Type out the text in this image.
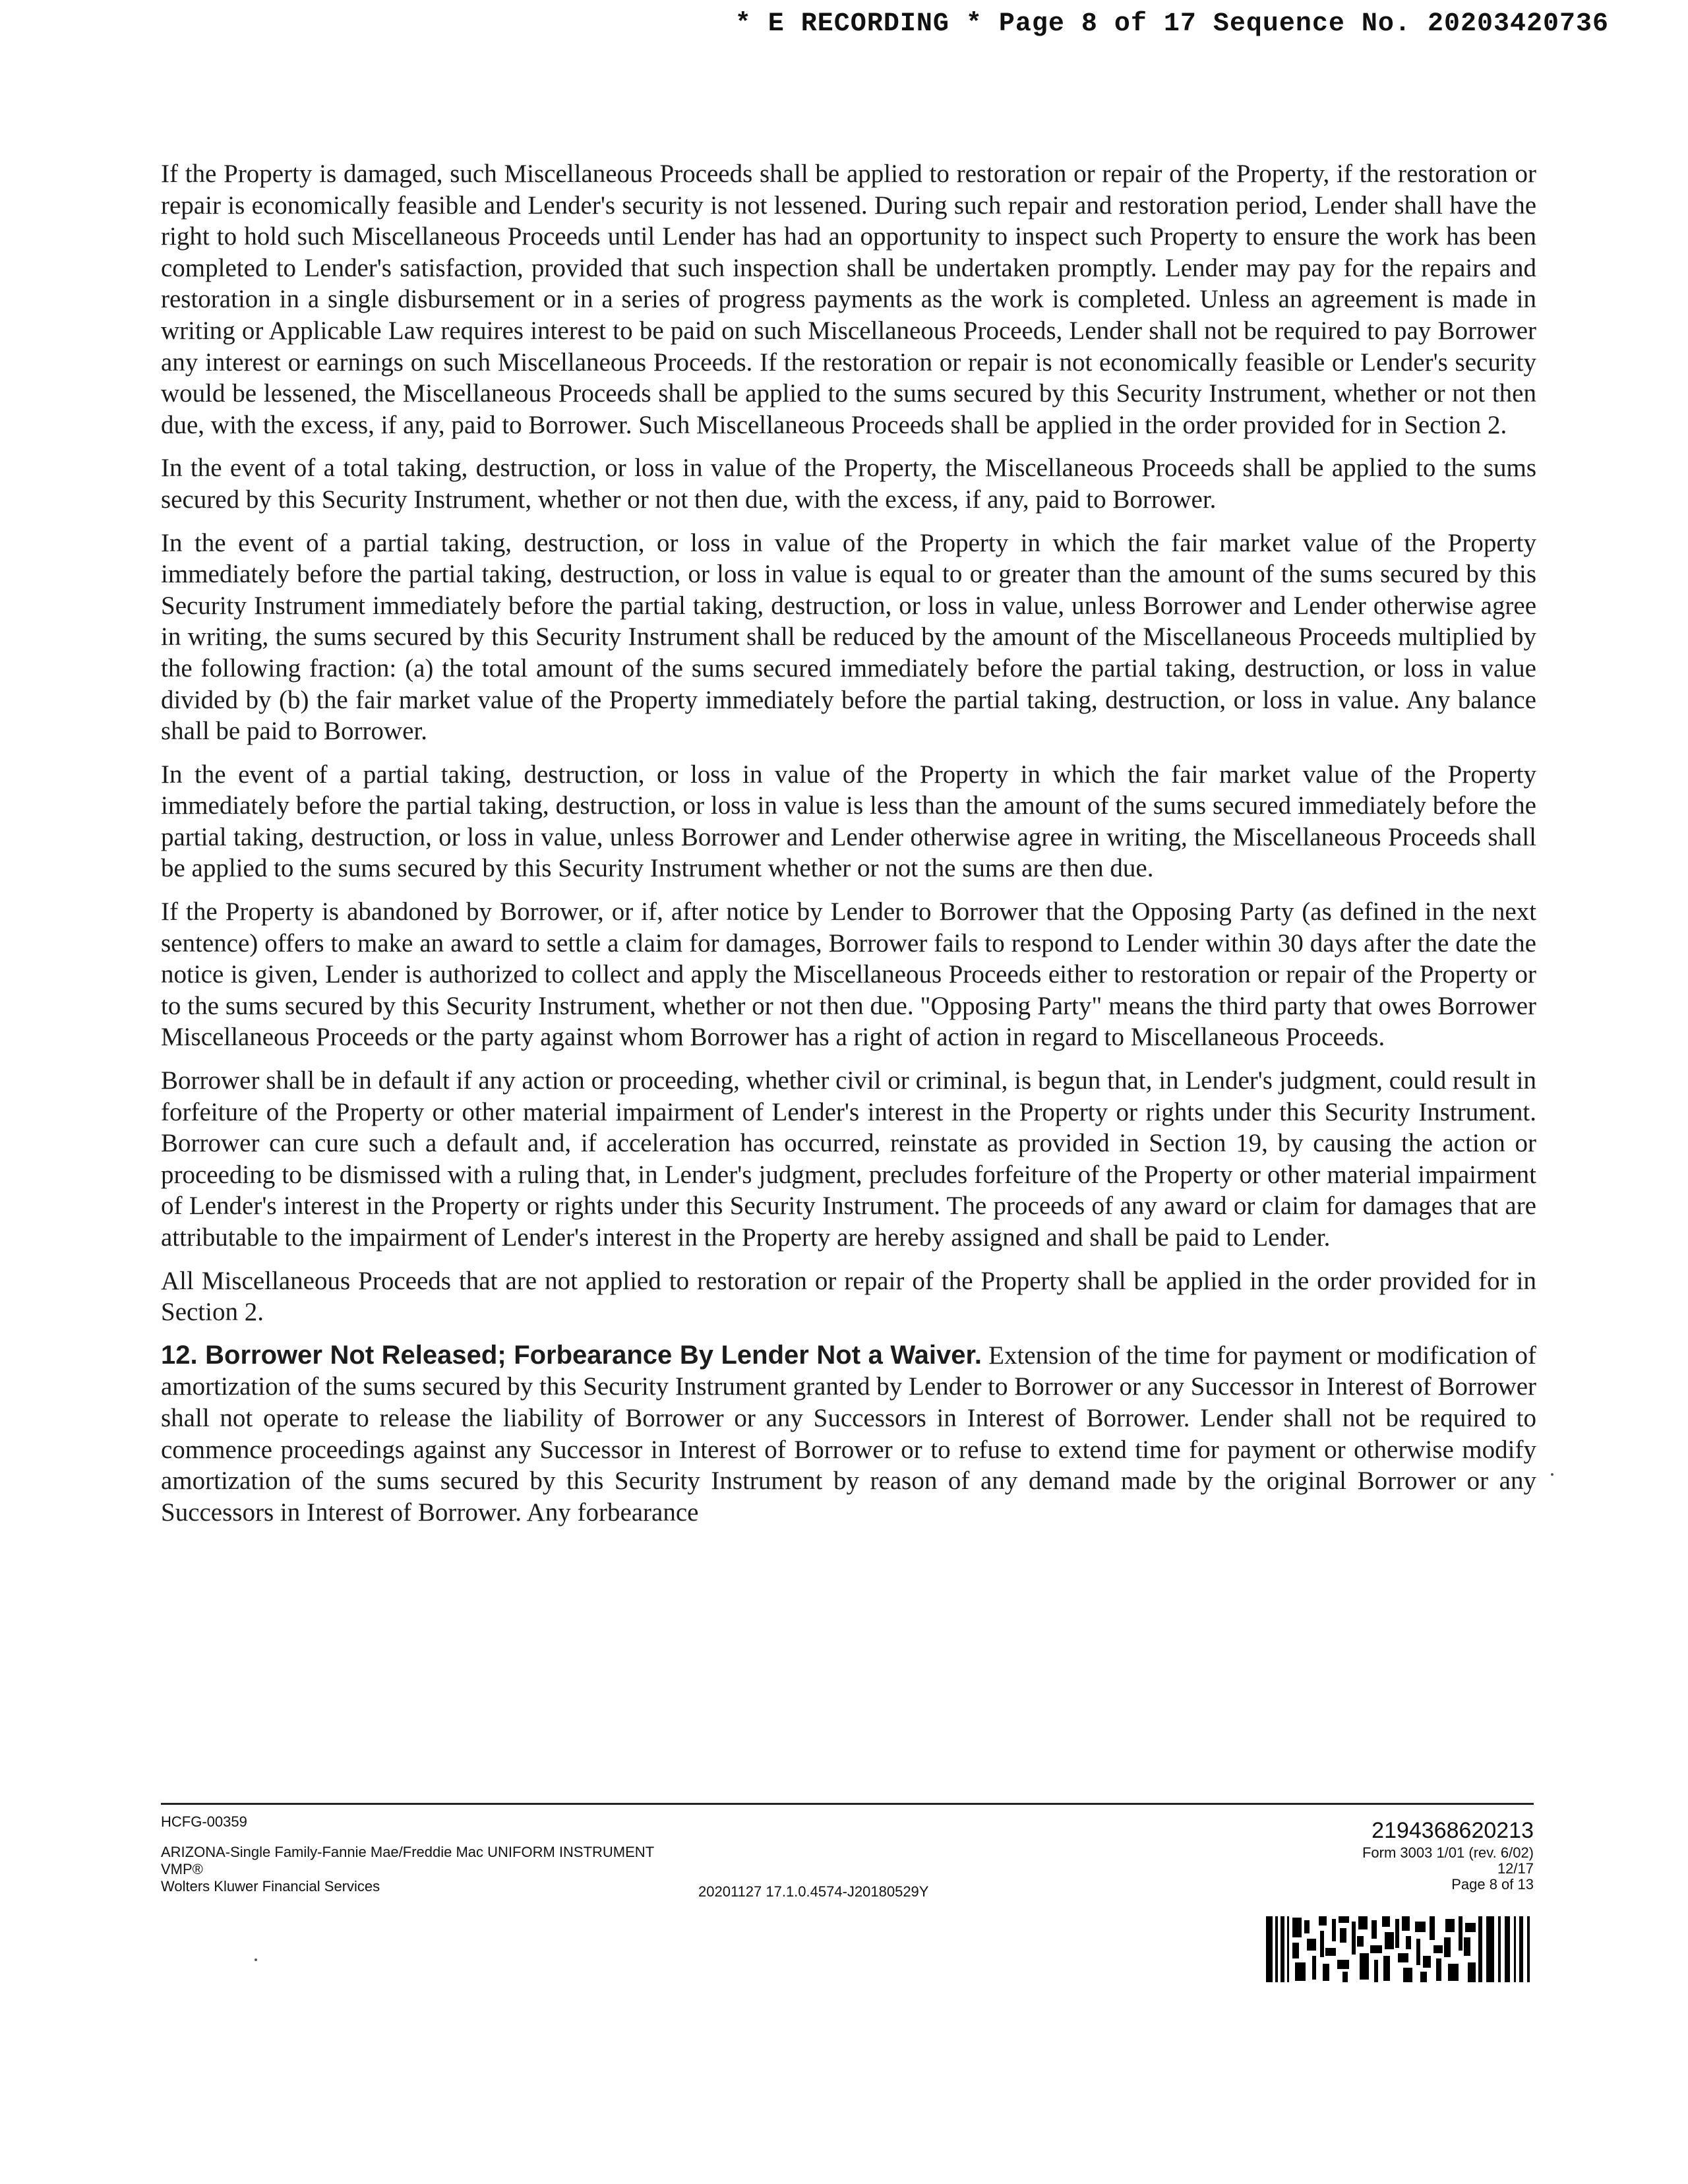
* E RECORDING * Page 8 of 17 Sequence No. 20203420736

If the Property is damaged, such Miscellaneous Proceeds shall be applied to restoration or repair of the Property, if the restoration or repair is economically feasible and Lender's security is not lessened. During such repair and restoration period, Lender shall have the right to hold such Miscellaneous Proceeds until Lender has had an opportunity to inspect such Property to ensure the work has been completed to Lender's satisfaction, provided that such inspection shall be undertaken promptly. Lender may pay for the repairs and restoration in a single disbursement or in a series of progress payments as the work is completed. Unless an agreement is made in writing or Applicable Law requires interest to be paid on such Miscellaneous Proceeds, Lender shall not be required to pay Borrower any interest or earnings on such Miscellaneous Proceeds. If the restoration or repair is not economically feasible or Lender's security would be lessened, the Miscellaneous Proceeds shall be applied to the sums secured by this Security Instrument, whether or not then due, with the excess, if any, paid to Borrower. Such Miscellaneous Proceeds shall be applied in the order provided for in Section 2.

In the event of a total taking, destruction, or loss in value of the Property, the Miscellaneous Proceeds shall be applied to the sums secured by this Security Instrument, whether or not then due, with the excess, if any, paid to Borrower.

In the event of a partial taking, destruction, or loss in value of the Property in which the fair market value of the Property immediately before the partial taking, destruction, or loss in value is equal to or greater than the amount of the sums secured by this Security Instrument immediately before the partial taking, destruction, or loss in value, unless Borrower and Lender otherwise agree in writing, the sums secured by this Security Instrument shall be reduced by the amount of the Miscellaneous Proceeds multiplied by the following fraction: (a) the total amount of the sums secured immediately before the partial taking, destruction, or loss in value divided by (b) the fair market value of the Property immediately before the partial taking, destruction, or loss in value. Any balance shall be paid to Borrower.

In the event of a partial taking, destruction, or loss in value of the Property in which the fair market value of the Property immediately before the partial taking, destruction, or loss in value is less than the amount of the sums secured immediately before the partial taking, destruction, or loss in value, unless Borrower and Lender otherwise agree in writing, the Miscellaneous Proceeds shall be applied to the sums secured by this Security Instrument whether or not the sums are then due.

If the Property is abandoned by Borrower, or if, after notice by Lender to Borrower that the Opposing Party (as defined in the next sentence) offers to make an award to settle a claim for damages, Borrower fails to respond to Lender within 30 days after the date the notice is given, Lender is authorized to collect and apply the Miscellaneous Proceeds either to restoration or repair of the Property or to the sums secured by this Security Instrument, whether or not then due. "Opposing Party" means the third party that owes Borrower Miscellaneous Proceeds or the party against whom Borrower has a right of action in regard to Miscellaneous Proceeds.

Borrower shall be in default if any action or proceeding, whether civil or criminal, is begun that, in Lender's judgment, could result in forfeiture of the Property or other material impairment of Lender's interest in the Property or rights under this Security Instrument. Borrower can cure such a default and, if acceleration has occurred, reinstate as provided in Section 19, by causing the action or proceeding to be dismissed with a ruling that, in Lender's judgment, precludes forfeiture of the Property or other material impairment of Lender's interest in the Property or rights under this Security Instrument. The proceeds of any award or claim for damages that are attributable to the impairment of Lender's interest in the Property are hereby assigned and shall be paid to Lender.

All Miscellaneous Proceeds that are not applied to restoration or repair of the Property shall be applied in the order provided for in Section 2.

12. Borrower Not Released; Forbearance By Lender Not a Waiver. Extension of the time for payment or modification of amortization of the sums secured by this Security Instrument granted by Lender to Borrower or any Successor in Interest of Borrower shall not operate to release the liability of Borrower or any Successors in Interest of Borrower. Lender shall not be required to commence proceedings against any Successor in Interest of Borrower or to refuse to extend time for payment or otherwise modify amortization of the sums secured by this Security Instrument by reason of any demand made by the original Borrower or any Successors in Interest of Borrower. Any forbearance

HCFG-00359
ARIZONA-Single Family-Fannie Mae/Freddie Mac UNIFORM INSTRUMENT
VMP®
Wolters Kluwer Financial Services	20201127 17.1.0.4574-J20180529Y
2194368620213
Form 3003 1/01 (rev. 6/02)
12/17
Page 8 of 13
